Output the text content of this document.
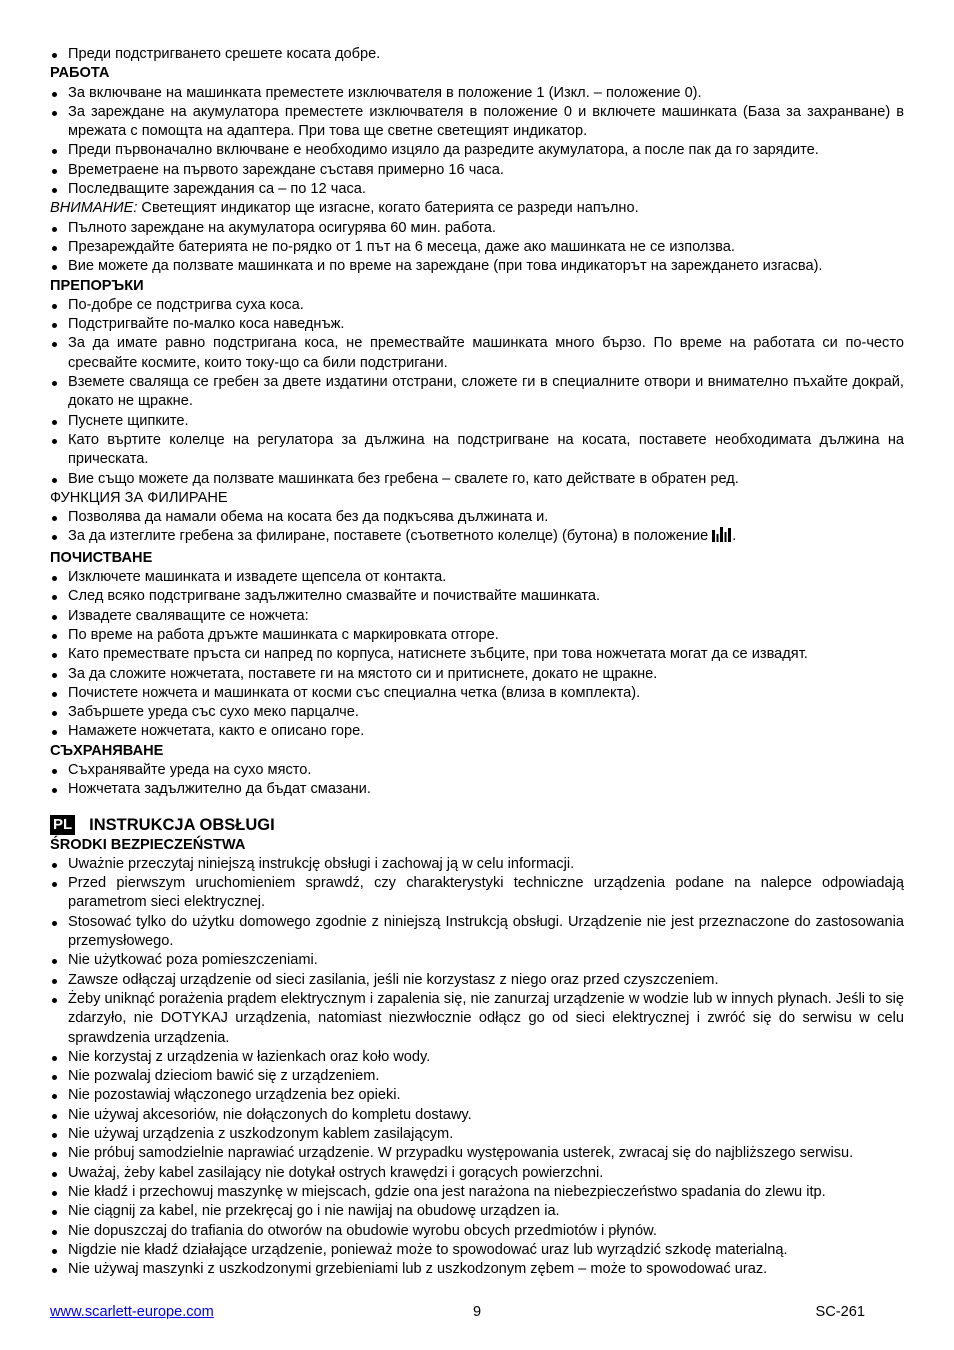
Преди подстригването срешете косата добре.
РАБОТА
За включване на машинката преместете изключвателя в положение 1 (Изкл. – положение 0).
За зареждане на акумулатора преместете изключвателя в положение 0 и включете машинката (База за захранване) в мрежата с помощта на адаптера. При това ще светне светещият индикатор.
Преди първоначално включване е необходимо изцяло да разредите акумулатора, а после пак да го зарядите.
Времетраене на първото зареждане съставя примерно 16 часа.
Последващите зареждания са – по 12 часа.
ВНИМАНИЕ: Светещият индикатор ще изгасне, когато батерията се разреди напълно.
Пълното зареждане на акумулатора осигурява 60 мин. работа.
Презареждайте батерията не по-рядко от 1 път на 6 месеца, даже ако машинката не се използва.
Вие можете да ползвате машинката и по време на зареждане (при това индикаторът на зареждането изгасва).
ПРЕПОРЪКИ
По-добре се подстригва суха коса.
Подстригвайте по-малко коса наведнъж.
За да имате равно подстригана коса, не премествайте машинката много бързо. По време на работата си по-често сресвайте космите, които току-що са били подстригани.
Вземете сваляща се гребен за двете издатини отстрани, сложете ги в специалните отвори и внимателно пъхайте докрай, докато не щракне.
Пуснете щипките.
Като въртите колелце на регулатора за дължина на подстригване на косата, поставете необходимата дължина на прическата.
Вие също можете да ползвате машинката без гребена – свалете го, като действате в обратен ред.
ФУНКЦИЯ ЗА ФИЛИРАНЕ
Позволява да намали обема на косата без да подкъсява дължината и.
За да изтеглите гребена за филиране, поставете (съответното колелце) (бутона) в положение .
ПОЧИСТВАНЕ
Изключете машинката и извадете щепсела от контакта.
След всяко подстригване задължително смазвайте и почиствайте машинката.
Извадете сваляващите се ножчета:
По време на работа дръжте машинката с маркировката отгоре.
Като премествате пръста си напред по корпуса, натиснете зъбците, при това ножчетата могат да се извадят.
За да сложите ножчетата, поставете ги на мястото си и притиснете, докато не щракне.
Почистете ножчета и машинката от косми със специална четка (влиза в комплекта).
Забършете уреда със сухо меко парцалче.
Намажете ножчетата, както е описано горе.
СЪХРАНЯВАНЕ
Съхранявайте уреда на сухо място.
Ножчетата задължително да бъдат смазани.
PL INSTRUKCJA OBSŁUGI
ŚRODKI BEZPIECZEŃSTWA
Uważnie przeczytaj niniejszą instrukcję obsługi i zachowaj ją w celu informacji.
Przed pierwszym uruchomieniem sprawdź, czy charakterystyki techniczne urządzenia podane na nalepce odpowiadają parametrom sieci elektrycznej.
Stosować tylko do użytku domowego zgodnie z niniejszą Instrukcją obsługi. Urządzenie nie jest przeznaczone do zastosowania przemysłowego.
Nie użytkować poza pomieszczeniami.
Zawsze odłączaj urządzenie od sieci zasilania, jeśli nie korzystasz z niego oraz przed czyszczeniem.
Żeby uniknąć porażenia prądem elektrycznym i zapalenia się, nie zanurzaj urządzenie w wodzie lub w innych płynach. Jeśli to się zdarzyło, nie DOTYKAJ urządzenia, natomiast niezwłocznie odłącz go od sieci elektrycznej i zwróć się do serwisu w celu sprawdzenia urządzenia.
Nie korzystaj z urządzenia w łazienkach oraz koło wody.
Nie pozwalaj dzieciom bawić się z urządzeniem.
Nie pozostawiaj włączonego urządzenia bez opieki.
Nie używaj akcesoriów, nie dołączonych do kompletu dostawy.
Nie używaj urządzenia z uszkodzonym kablem zasilającym.
Nie próbuj samodzielnie naprawiać urządzenie. W przypadku występowania usterek, zwracaj się do najbliższego serwisu.
Uważaj, żeby kabel zasilający nie dotykał ostrych krawędzi i gorących powierzchni.
Nie kładź i przechowuj maszynkę w miejscach, gdzie ona jest narażona na niebezpieczeństwo spadania do zlewu itp.
Nie ciągnij za kabel, nie przekręcaj go i nie nawijaj na obudowę urządzen ia.
Nie dopuszczaj do trafiania do otworów na obudowie wyrobu obcych przedmiotów i płynów.
Nigdzie nie kładź działające urządzenie, ponieważ może to spowodować uraz lub wyrządzić szkodę materialną.
Nie używaj maszynki z uszkodzonymi grzebieniami lub z uszkodzonym zębem – może to spowodować uraz.
www.scarlett-europe.com	9	SC-261
